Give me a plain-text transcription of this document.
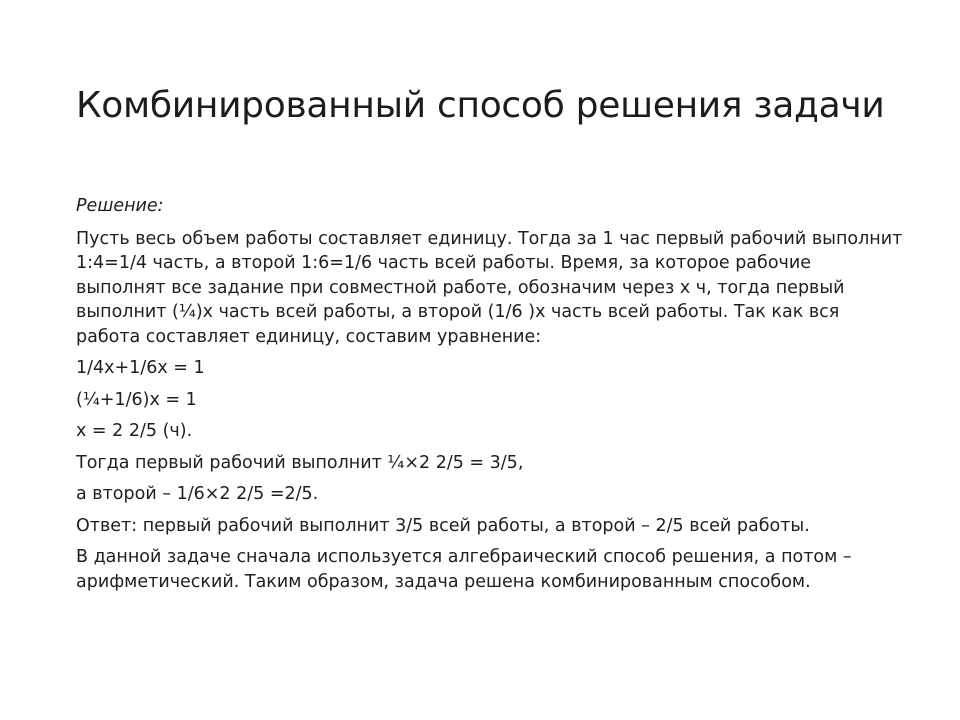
Комбинированный способ решения задачи

Решение:

Пусть весь объем работы составляет единицу. Тогда за 1 час первый рабочий выполнит 1:4=1/4 часть, а второй 1:6=1/6 часть всей работы. Время, за которое рабочие выполнят все задание при совместной работе, обозначим через х ч, тогда первый выполнит (¼)х часть всей работы, а второй (1/6 )х часть всей работы. Так как вся работа составляет единицу, составим уравнение:

1/4х+1/6х = 1

(¼+1/6)х = 1

х = 2 2/5 (ч).

Тогда первый рабочий выполнит ¼×2 2/5 = 3/5,

а второй – 1/6×2 2/5 =2/5.

Ответ: первый рабочий выполнит 3/5 всей работы, а второй – 2/5 всей работы.

В данной задаче сначала используется алгебраический способ решения, а потом – арифметический. Таким образом, задача решена комбинированным способом.
